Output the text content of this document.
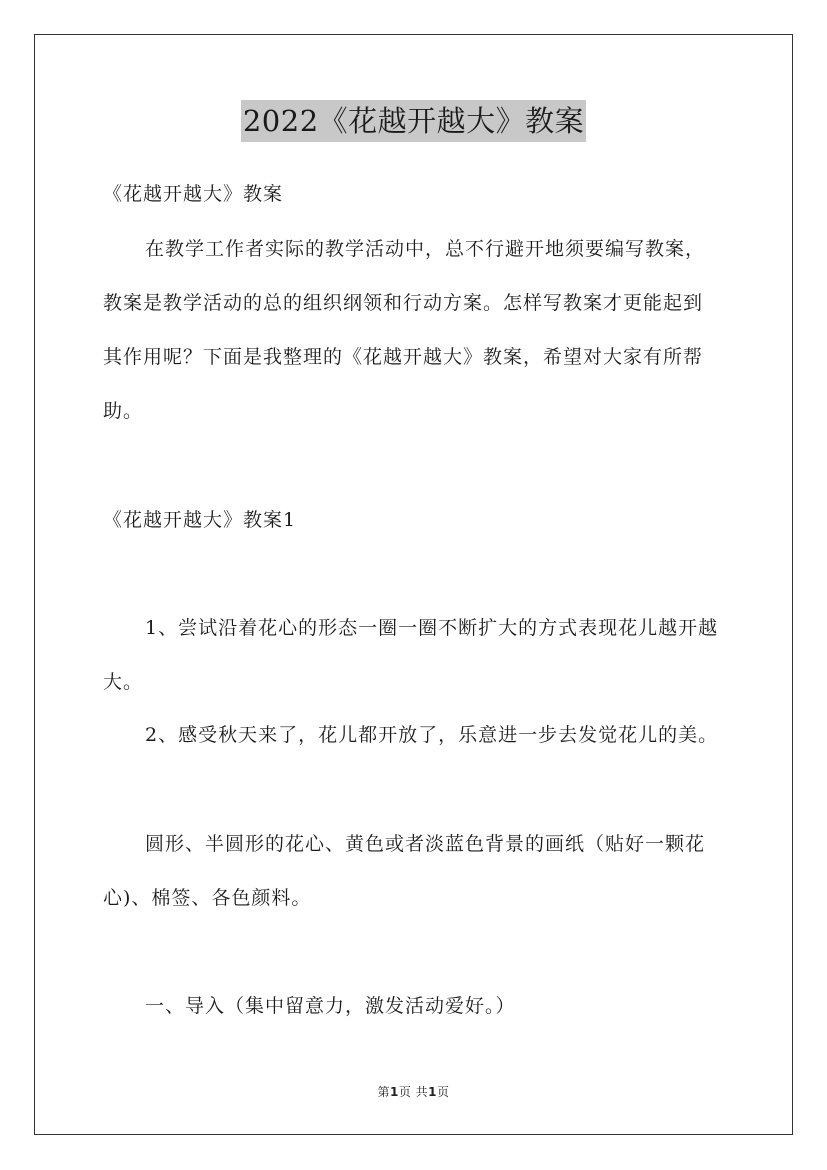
2022《花越开越大》教案
《花越开越大》教案
在教学工作者实际的教学活动中，总不行避开地须要编写教案，
教案是教学活动的总的组织纲领和行动方案。怎样写教案才更能起到
其作用呢？下面是我整理的《花越开越大》教案，希望对大家有所帮
助。
《花越开越大》教案1
1、尝试沿着花心的形态一圈一圈不断扩大的方式表现花儿越开越
大。
2、感受秋天来了，花儿都开放了，乐意进一步去发觉花儿的美。
圆形、半圆形的花心、黄色或者淡蓝色背景的画纸（贴好一颗花
心)、棉签、各色颜料。
一、导入（集中留意力，激发活动爱好。）
第1页 共1页
